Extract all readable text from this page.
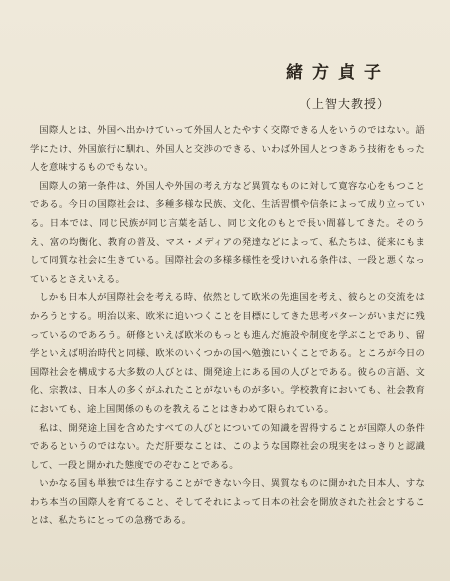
緒方貞子
（上智大教授）

国際人とは、外国へ出かけていって外国人とたやすく交際できる人をいうのではない。語学にたけ、外国旅行に馴れ、外国人と交渉のできる、いわば外国人とつきあう技術をもった人を意味するものでもない。

国際人の第一条件は、外国人や外国の考え方など異質なものに対して寛容な心をもつことである。今日の国際社会は、多種多様な民族、文化、生活習慣や信条によって成り立っている。日本では、同じ民族が同じ言葉を話し、同じ文化のもとで長い間暮してきた。そのうえ、富の均衡化、教育の普及、マス・メディアの発達などによって、私たちは、従来にもまして同質な社会に生きている。国際社会の多様多様性を受けいれる条件は、一段と悪くなっているとさえいえる。

しかも日本人が国際社会を考える時、依然として欧米の先進国を考え、彼らとの交流をはかろうとする。明治以来、欧米に追いつくことを目標にしてきた思考パターンがいまだに残っているのであろう。研修といえば欧米のもっとも進んだ施設や制度を学ぶことであり、留学といえば明治時代と同様、欧米のいくつかの国へ勉強にいくことである。ところが今日の国際社会を構成する大多数の人びとは、開発途上にある国の人びとである。彼らの言語、文化、宗教は、日本人の多くがふれたことがないものが多い。学校教育においても、社会教育においても、途上国関係のものを教えることはきわめて限られている。

私は、開発途上国を含めたすべての人びとについての知識を習得することが国際人の条件であるというのではない。ただ肝要なことは、このような国際社会の現実をはっきりと認識して、一段と開かれた態度でのぞむことである。

いかなる国も単独では生存することができない今日、異質なものに開かれた日本人、すなわち本当の国際人を育てること、そしてそれによって日本の社会を開放された社会とすることは、私たちにとっての急務である。
